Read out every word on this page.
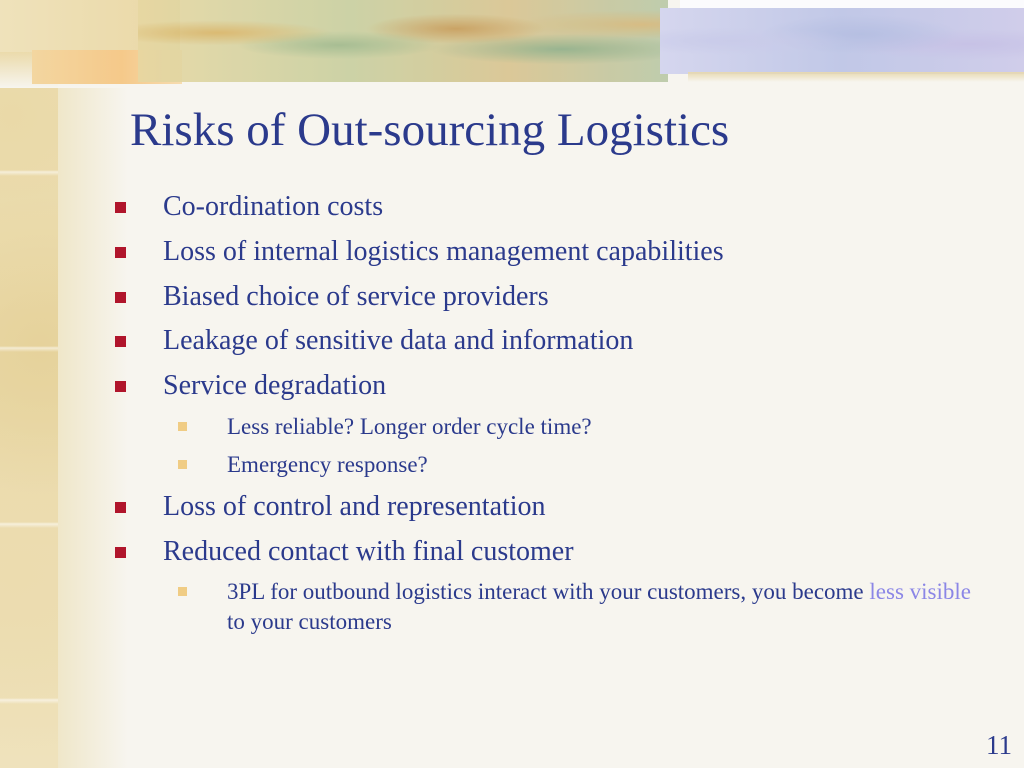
Risks of Out-sourcing Logistics
Co-ordination costs
Loss of internal logistics management capabilities
Biased choice of service providers
Leakage of sensitive data and information
Service degradation
Less reliable? Longer order cycle time?
Emergency response?
Loss of control and representation
Reduced contact with final customer
3PL for outbound logistics interact with your customers, you become less visible to your customers
11
